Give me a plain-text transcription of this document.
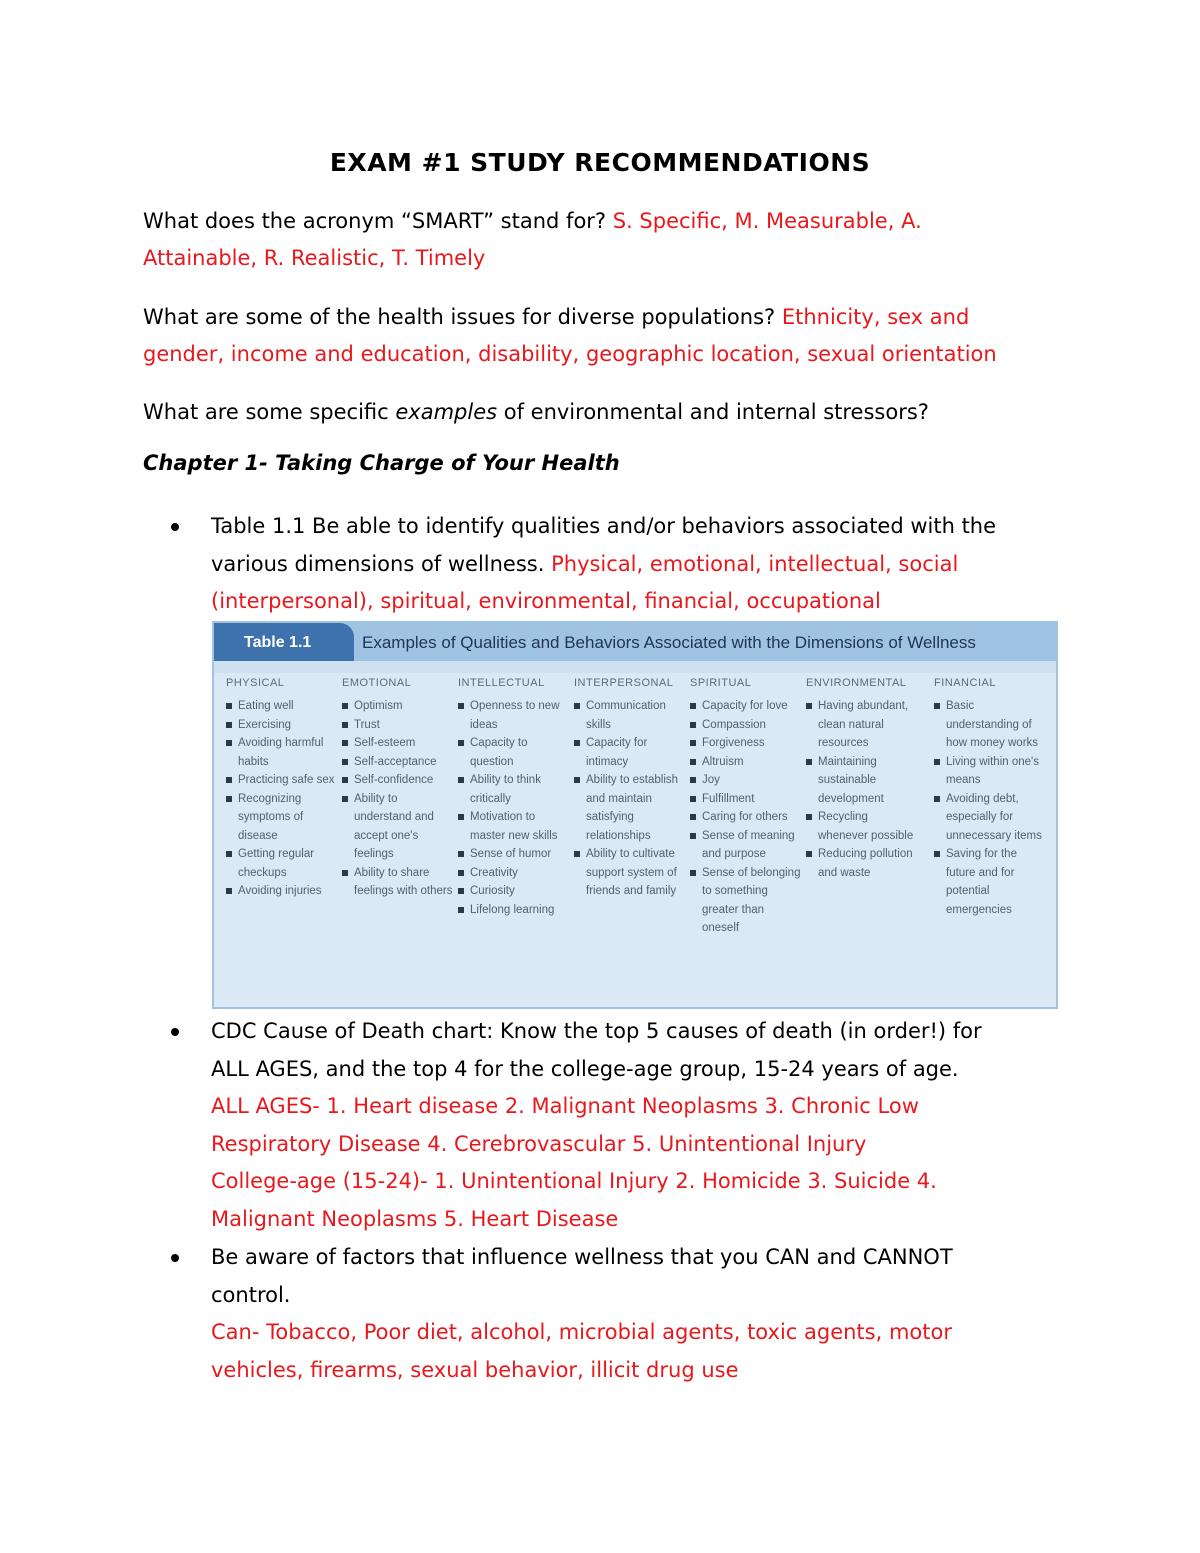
EXAM #1 STUDY RECOMMENDATIONS

What does the acronym “SMART” stand for? S. Specific, M. Measurable, A.
Attainable, R. Realistic, T. Timely

What are some of the health issues for diverse populations? Ethnicity, sex and
gender, income and education, disability, geographic location, sexual orientation

What are some specific examples of environmental and internal stressors?

Chapter 1- Taking Charge of Your Health

Table 1.1 Be able to identify qualities and/or behaviors associated with the
various dimensions of wellness. Physical, emotional, intellectual, social
(interpersonal), spiritual, environmental, financial, occupational
Table 1.1	Examples of Qualities and Behaviors Associated with the Dimensions of Wellness
PHYSICAL
Eating well
Exercising
Avoiding harmful habits
Practicing safe sex
Recognizing symptoms of disease
Getting regular checkups
Avoiding injuries
EMOTIONAL
Optimism
Trust
Self-esteem
Self-acceptance
Self-confidence
Ability to understand and accept one's feelings
Ability to share feelings with others
INTELLECTUAL
Openness to new ideas
Capacity to question
Ability to think critically
Motivation to master new skills
Sense of humor
Creativity
Curiosity
Lifelong learning
INTERPERSONAL
Communication skills
Capacity for intimacy
Ability to establish and maintain satisfying relationships
Ability to cultivate support system of friends and family
SPIRITUAL
Capacity for love
Compassion
Forgiveness
Altruism
Joy
Fulfillment
Caring for others
Sense of meaning and purpose
Sense of belonging to something greater than oneself
ENVIRONMENTAL
Having abundant, clean natural resources
Maintaining sustainable development
Recycling whenever possible
Reducing pollution and waste
FINANCIAL
Basic understanding of how money works
Living within one's means
Avoiding debt, especially for unnecessary items
Saving for the future and for potential emergencies
CDC Cause of Death chart: Know the top 5 causes of death (in order!) for
ALL AGES, and the top 4 for the college-age group, 15-24 years of age.
ALL AGES- 1. Heart disease 2. Malignant Neoplasms 3. Chronic Low
Respiratory Disease 4. Cerebrovascular 5. Unintentional Injury
College-age (15-24)- 1. Unintentional Injury 2. Homicide 3. Suicide 4.
Malignant Neoplasms 5. Heart Disease
Be aware of factors that influence wellness that you CAN and CANNOT
control.
Can- Tobacco, Poor diet, alcohol, microbial agents, toxic agents, motor
vehicles, firearms, sexual behavior, illicit drug use
